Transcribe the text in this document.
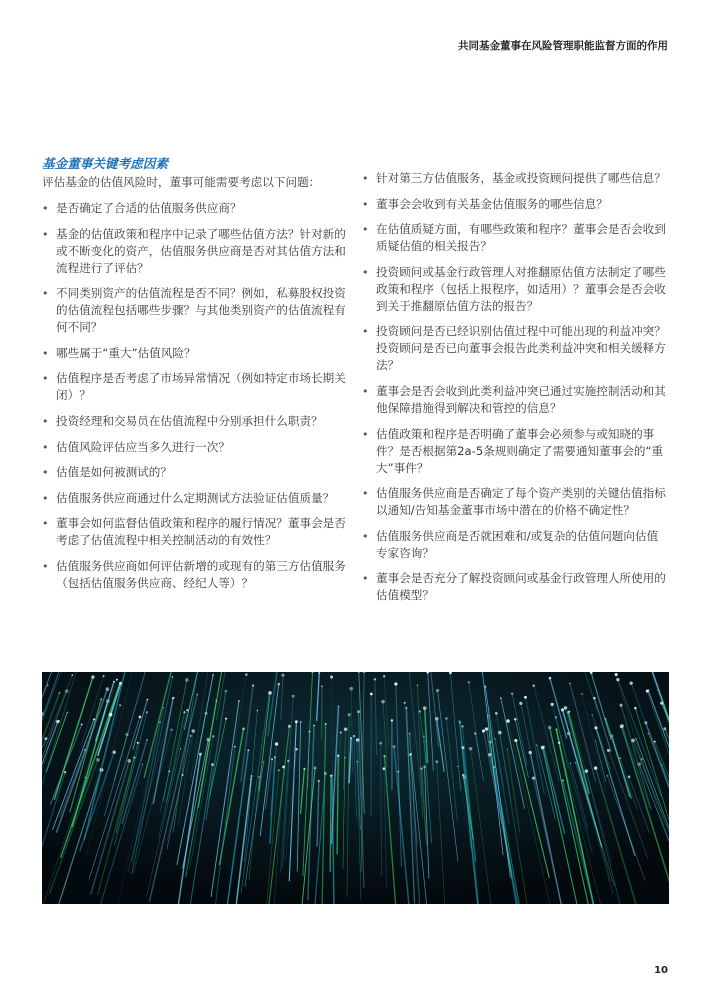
共同基金董事在风险管理职能监督方面的作用
基金董事关键考虑因素

评估基金的估值风险时，董事可能需要考虑以下问题：

• 是否确定了合适的估值服务供应商？
• 基金的估值政策和程序中记录了哪些估值方法？针对新的或不断变化的资产，估值服务供应商是否对其估值方法和流程进行了评估？
• 不同类别资产的估值流程是否不同？例如，私募股权投资的估值流程包括哪些步骤？与其他类别资产的估值流程有何不同？
• 哪些属于“重大”估值风险？
• 估值程序是否考虑了市场异常情况（例如特定市场长期关闭）？
• 投资经理和交易员在估值流程中分别承担什么职责？
• 估值风险评估应当多久进行一次？
• 估值是如何被测试的？
• 估值服务供应商通过什么定期测试方法验证估值质量？
• 董事会如何监督估值政策和程序的履行情况？董事会是否考虑了估值流程中相关控制活动的有效性？
• 估值服务供应商如何评估新增的或现有的第三方估值服务（包括估值服务供应商、经纪人等）？
• 针对第三方估值服务，基金或投资顾问提供了哪些信息？
• 董事会会收到有关基金估值服务的哪些信息？
• 在估值质疑方面，有哪些政策和程序？董事会是否会收到质疑估值的相关报告？
• 投资顾问或基金行政管理人对推翻原估值方法制定了哪些政策和程序（包括上报程序，如适用）？董事会是否会收到关于推翻原估值方法的报告？
• 投资顾问是否已经识别估值过程中可能出现的利益冲突？投资顾问是否已向董事会报告此类利益冲突和相关缓释方法？
• 董事会是否会收到此类利益冲突已通过实施控制活动和其他保障措施得到解决和管控的信息？
• 估值政策和程序是否明确了董事会必须参与或知晓的事件？是否根据第2a-5条规则确定了需要通知董事会的“重大”事件？
• 估值服务供应商是否确定了每个资产类别的关键估值指标以通知/告知基金董事市场中潜在的价格不确定性？
• 估值服务供应商是否就困难和/或复杂的估值问题向估值专家咨询？
• 董事会是否充分了解投资顾问或基金行政管理人所使用的估值模型？
10
